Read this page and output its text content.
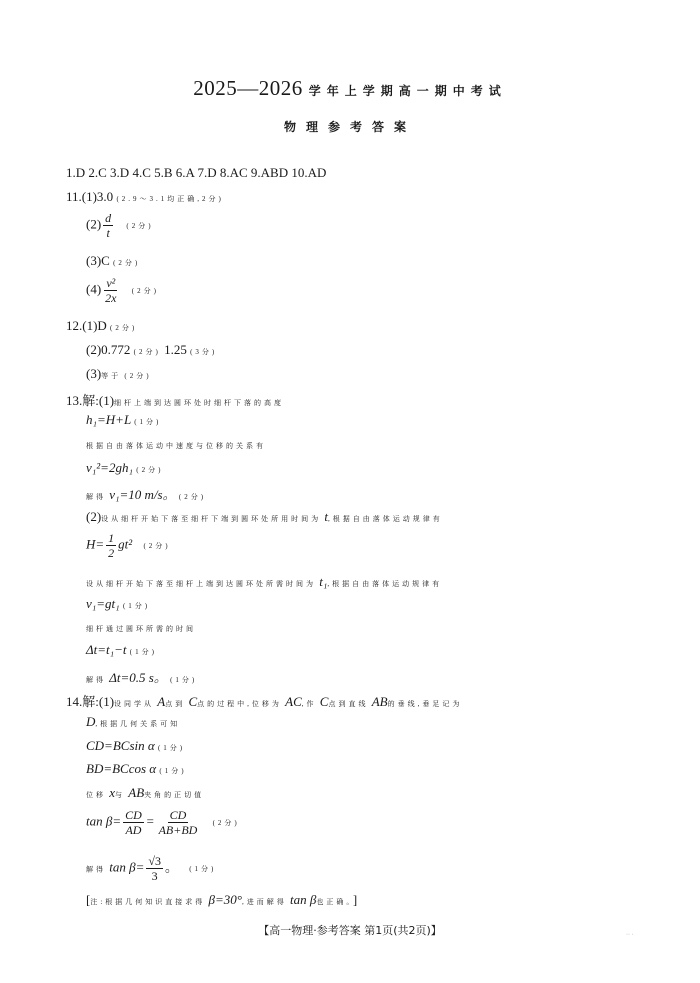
2025—2026 学年上学期高一期中考试
物理参考答案
1.D 2.C 3.D 4.C 5.B 6.A 7.D 8.AC 9.ABD 10.AD
11.(1)3.0 (2.9～3.1均正确,2分)
$(2) \frac{d}{t} (2$分)
(3)C (2分)
$(4) \frac{\text{v²}}{2x} (2$分)
12.(1)D (2分)
(2)0.772 (2分) 1.25 (3分)
(3)等于 (2分)
13.解:(1)细杆上端到达圆环处时细杆下落的高度
h₁=H+L (1分)
根据自由落体运动中速度与位移的关系有
v₁²=2gh₁ (2分)
解得 v₁=10 m/s。 (2分)
(2)设从细杆开始下落至细杆下端到圆环处所用时间为 t,根据自由落体运动规律有
$H= \frac{1}{2} gt^2$ (2分)
设从细杆开始下落至细杆上端到达圆环处所需时间为 t₁,根据自由落体运动规律有
v₁=gt₁ (1分)
细杆通过圆环所需的时间
Δt=t₁−t (1分)
解得 Δt=0.5 s。 (1分)
14.解:(1)设同学从 A点到 C点的过程中,位移为 AC,作 C点到直线 AB的垂线,垂足记为
D,根据几何关系可知
CD=BCsin α (1分)
BD=BCcos α (1分)
位移 x与 AB夹角的正切值
$\tan \beta= \frac{CD}{AD} = \frac{CD}{AB+BD} (2$分)
解得 $\tan \beta= \frac{√3}{3}$ 。 (1分)
[注:根据几何知识直接求得 β=30°,进而解得 tan β也正确。]
【高一物理·参考答案 第1页(共2页)】	·· ·
